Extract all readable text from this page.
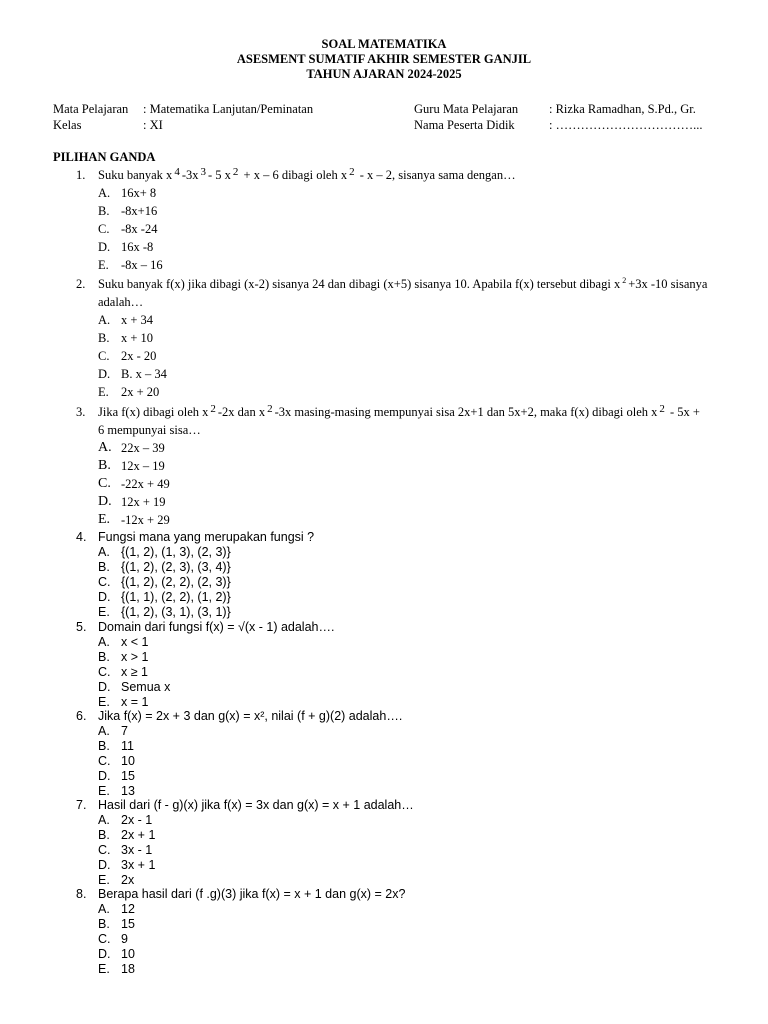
SOAL MATEMATIKA
ASESMENT SUMATIF AKHIR SEMESTER GANJIL
TAHUN AJARAN 2024-2025
Mata Pelajaran : Matematika Lanjutan/Peminatan	Guru Mata Pelajaran : Rizka Ramadhan, S.Pd., Gr.
Kelas	: XI	Nama Peserta Didik	: ……………………………...
PILIHAN GANDA
1. Suku banyak x $^4$ -3x $^3$ - 5 x $^2$ + x – 6 dibagi oleh x $^2$ - x – 2, sisanya sama dengan…
A. 16x+ 8
B. -8x+16
C. -8x -24
D. 16x -8
E. -8x – 16
2. Suku banyak f(x) jika dibagi (x-2) sisanya 24 dan dibagi (x+5) sisanya 10. Apabila f(x) tersebut dibagi x $^2$ +3x -10 sisanya
adalah…
A. x + 34
B. x + 10
C. 2x - 20
D. B. x – 34
E. 2x + 20
3. Jika f(x) dibagi oleh x $^2$ -2x dan x $^2$ -3x masing-masing mempunyai sisa 2x+1 dan 5x+2, maka f(x) dibagi oleh x $^2$ - 5x +
6 mempunyai sisa…
A. 22x – 39
B. 12x – 19
C. -22x + 49
D. 12x + 19
E. -12x + 29
4. Fungsi mana yang merupakan fungsi ?
A. {(1, 2), (1, 3), (2, 3)}
B. {(1, 2), (2, 3), (3, 4)}
C. {(1, 2), (2, 2), (2, 3)}
D. {(1, 1), (2, 2), (1, 2)}
E. {(1, 2), (3, 1), (3, 1)}
5. Domain dari fungsi f(x) = √(x - 1) adalah….
A. x < 1
B. x > 1
C. x ≥ 1
D. Semua x
E. x = 1
6. Jika f(x) = 2x + 3 dan g(x) = x², nilai (f + g)(2) adalah….
A. 7
B. 11
C. 10
D. 15
E. 13
7. Hasil dari (f - g)(x) jika f(x) = 3x dan g(x) = x + 1 adalah…
A. 2x - 1
B. 2x + 1
C. 3x - 1
D. 3x + 1
E. 2x
8. Berapa hasil dari (f .g)(3) jika f(x) = x + 1 dan g(x) = 2x?
A. 12
B. 15
C. 9
D. 10
E. 18
